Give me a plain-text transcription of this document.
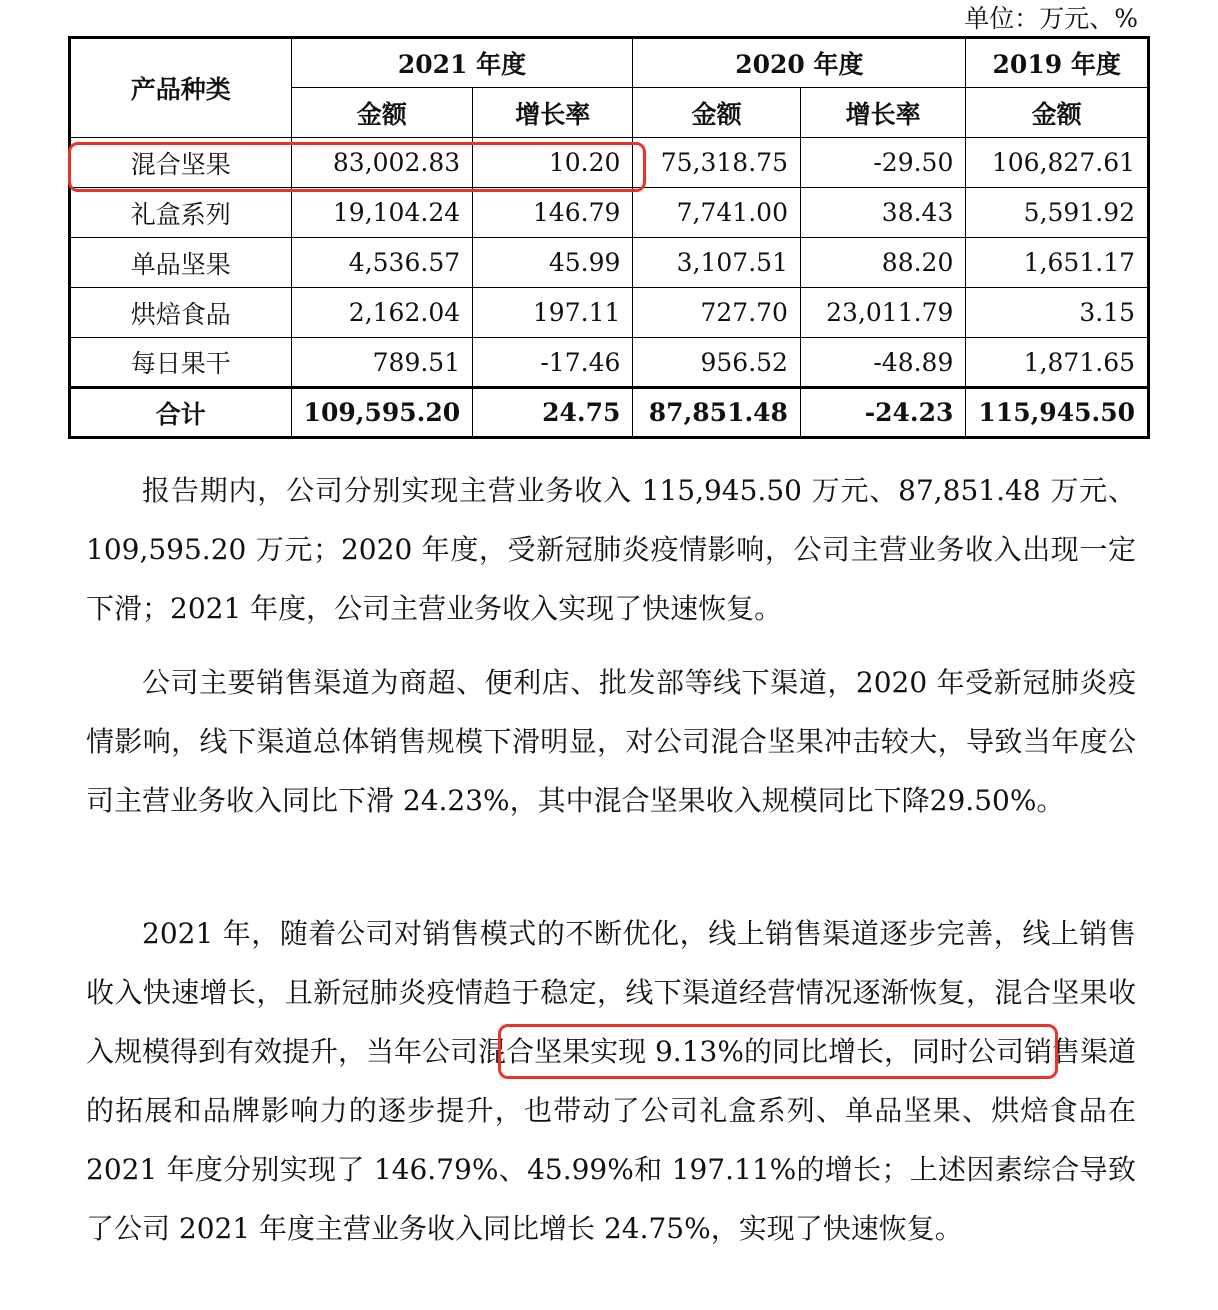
单位：万元、%
产品种类	2021 年度		2020 年度		2019 年度
	金额	增长率	金额	增长率	金额
混合坚果	83,002.83	10.20	75,318.75	-29.50	106,827.61
礼盒系列	19,104.24	146.79	7,741.00	38.43	5,591.92
单品坚果	4,536.57	45.99	3,107.51	88.20	1,651.17
烘焙食品	2,162.04	197.11	727.70	23,011.79	3.15
每日果干	789.51	-17.46	956.52	-48.89	1,871.65
合计	109,595.20	24.75	87,851.48	-24.23	115,945.50

报告期内，公司分别实现主营业务收入 115,945.50 万元、87,851.48 万元、109,595.20 万元；2020 年度，受新冠肺炎疫情影响，公司主营业务收入出现一定下滑；2021 年度，公司主营业务收入实现了快速恢复。

公司主要销售渠道为商超、便利店、批发部等线下渠道，2020 年受新冠肺炎疫情影响，线下渠道总体销售规模下滑明显，对公司混合坚果冲击较大，导致当年度公司主营业务收入同比下滑 24.23%，其中混合坚果收入规模同比下降29.50%。

2021 年，随着公司对销售模式的不断优化，线上销售渠道逐步完善，线上销售收入快速增长，且新冠肺炎疫情趋于稳定，线下渠道经营情况逐渐恢复，混合坚果收入规模得到有效提升，当年公司混合坚果实现 9.13%的同比增长，同时公司销售渠道的拓展和品牌影响力的逐步提升，也带动了公司礼盒系列、单品坚果、烘焙食品在 2021 年度分别实现了 146.79%、45.99%和 197.11%的增长；上述因素综合导致了公司 2021 年度主营业务收入同比增长 24.75%，实现了快速恢复。
